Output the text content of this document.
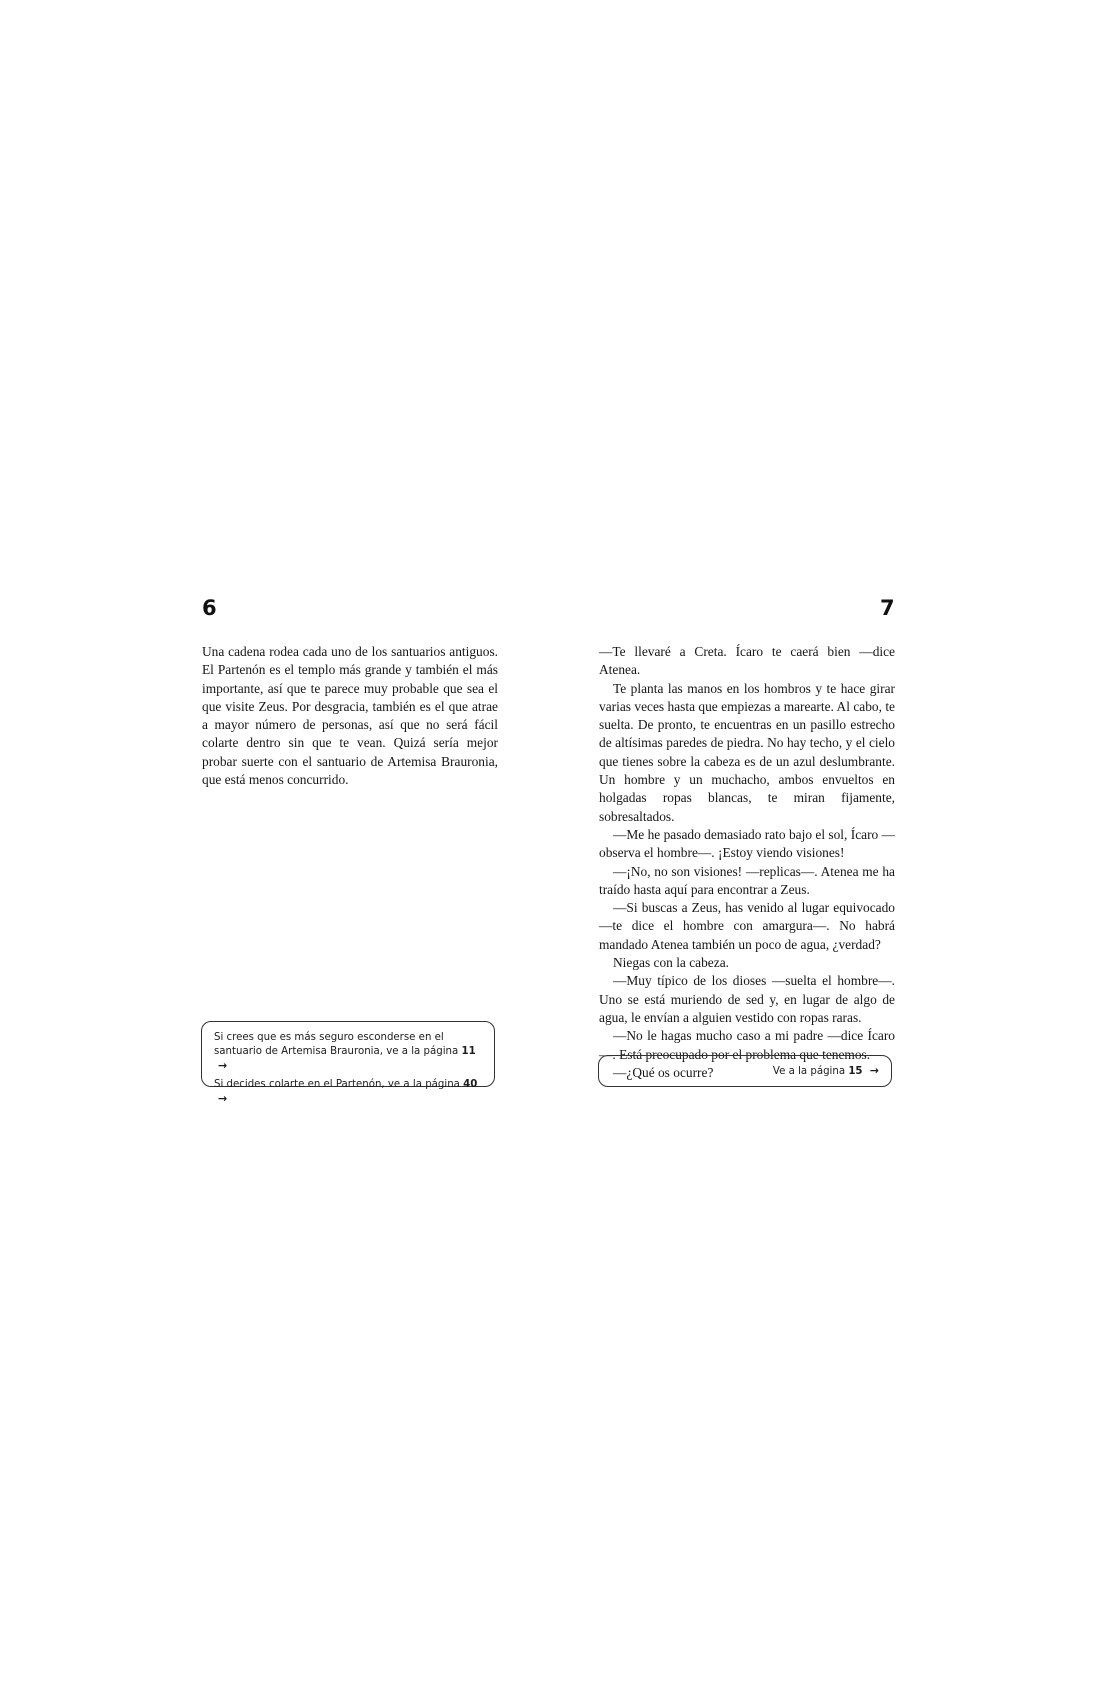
6

Una cadena rodea cada uno de los santuarios antiguos. El Partenón es el templo más grande y también el más importante, así que te parece muy probable que sea el que visite Zeus. Por desgracia, también es el que atrae a mayor número de personas, así que no será fácil colarte dentro sin que te vean. Quizá sería mejor probar suerte con el santuario de Artemisa Brauronia, que está menos concurrido.

Si crees que es más seguro esconderse en el santuario de Artemisa Brauronia, ve a la página 11 →
Si decides colarte en el Partenón, ve a la página 40 →
7

—Te llevaré a Creta. Ícaro te caerá bien —dice Atenea.

Te planta las manos en los hombros y te hace girar varias veces hasta que empiezas a marearte. Al cabo, te suelta. De pronto, te encuentras en un pasillo estrecho de altísimas paredes de piedra. No hay techo, y el cielo que tienes sobre la cabeza es de un azul deslumbrante. Un hombre y un muchacho, ambos envueltos en holgadas ropas blancas, te miran fijamente, sobresaltados.

—Me he pasado demasiado rato bajo el sol, Ícaro —observa el hombre—. ¡Estoy viendo visiones!

—¡No, no son visiones! —replicas—. Atenea me ha traído hasta aquí para encontrar a Zeus.

—Si buscas a Zeus, has venido al lugar equivocado —te dice el hombre con amargura—. No habrá mandado Atenea también un poco de agua, ¿verdad?

Niegas con la cabeza.

—Muy típico de los dioses —suelta el hombre—. Uno se está muriendo de sed y, en lugar de algo de agua, le envían a alguien vestido con ropas raras.

—No le hagas mucho caso a mi padre —dice Ícaro—. Está preocupado por el problema que tenemos.

—¿Qué os ocurre?	Ve a la página 15 →
